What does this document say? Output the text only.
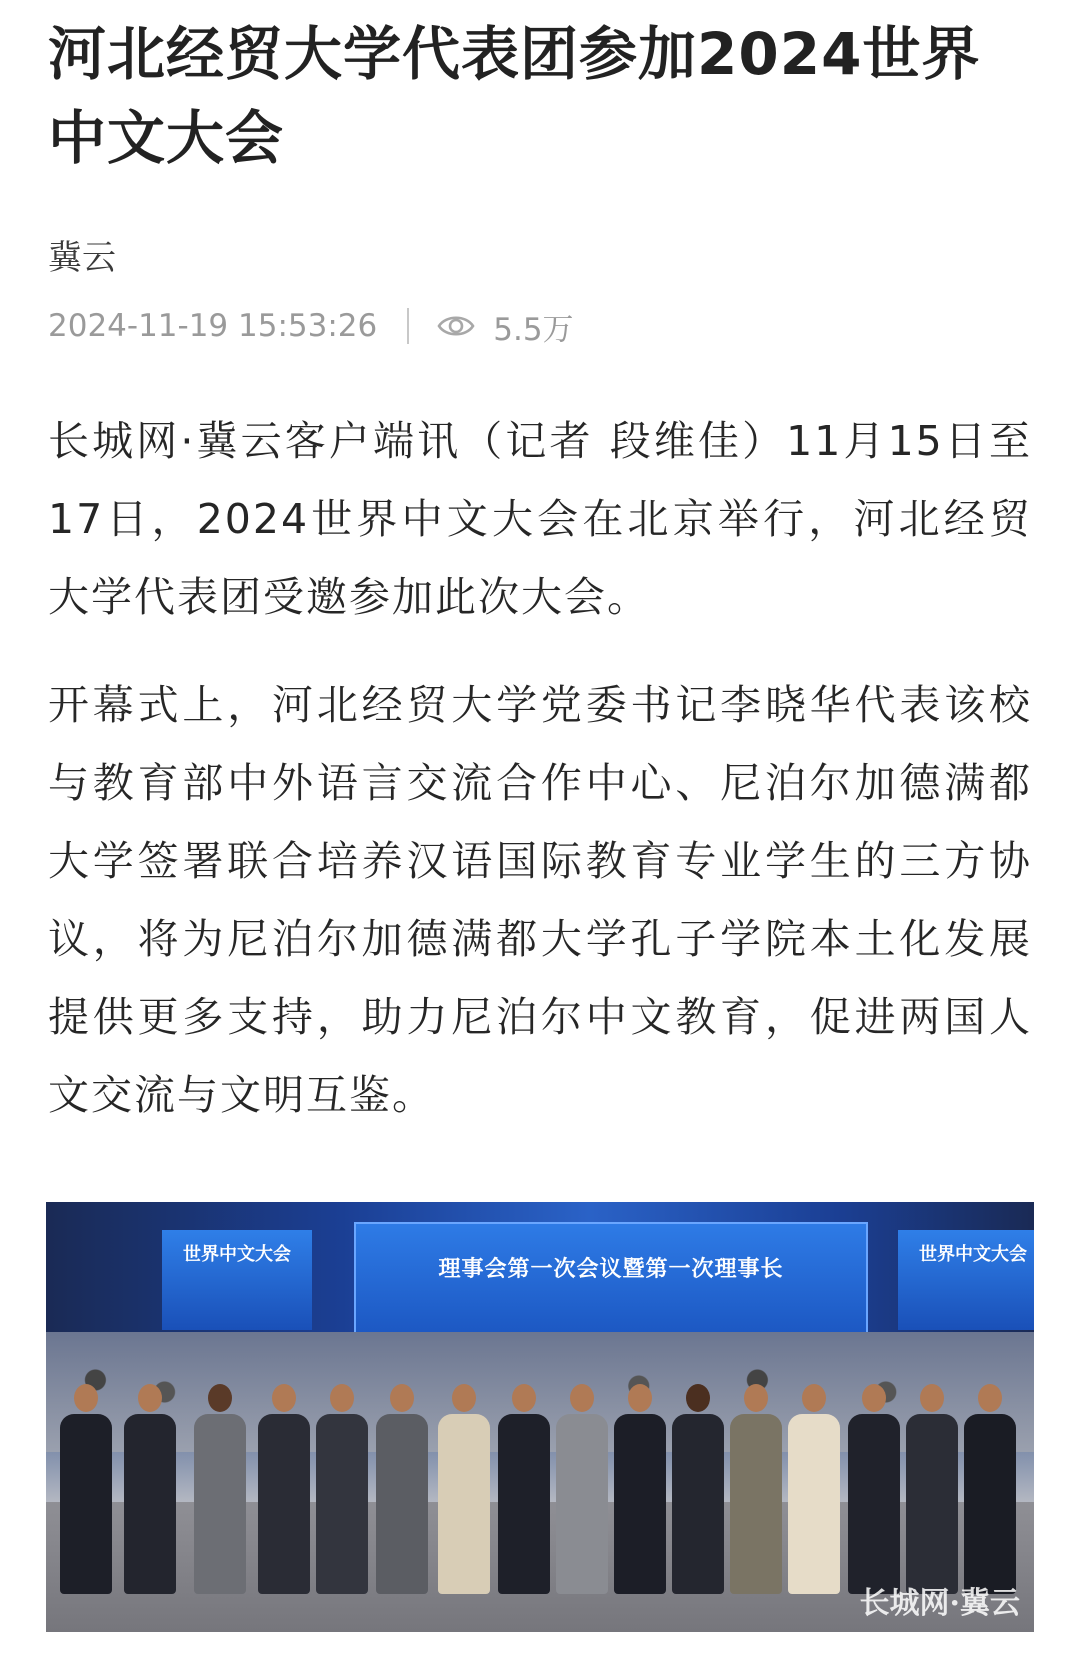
河北经贸大学代表团参加2024世界中文大会
冀云
2024-11-19 15:53:26	5.5万

长城网·冀云客户端讯（记者 段维佳）11月15日至17日，2024世界中文大会在北京举行，河北经贸大学代表团受邀参加此次大会。

开幕式上，河北经贸大学党委书记李晓华代表该校与教育部中外语言交流合作中心、尼泊尔加德满都大学签署联合培养汉语国际教育专业学生的三方协议，将为尼泊尔加德满都大学孔子学院本土化发展提供更多支持，助力尼泊尔中文教育，促进两国人文交流与文明互鉴。

世界中文大会
理事会第一次会议暨第一次理事长
世界中文大会
长城网·冀云
